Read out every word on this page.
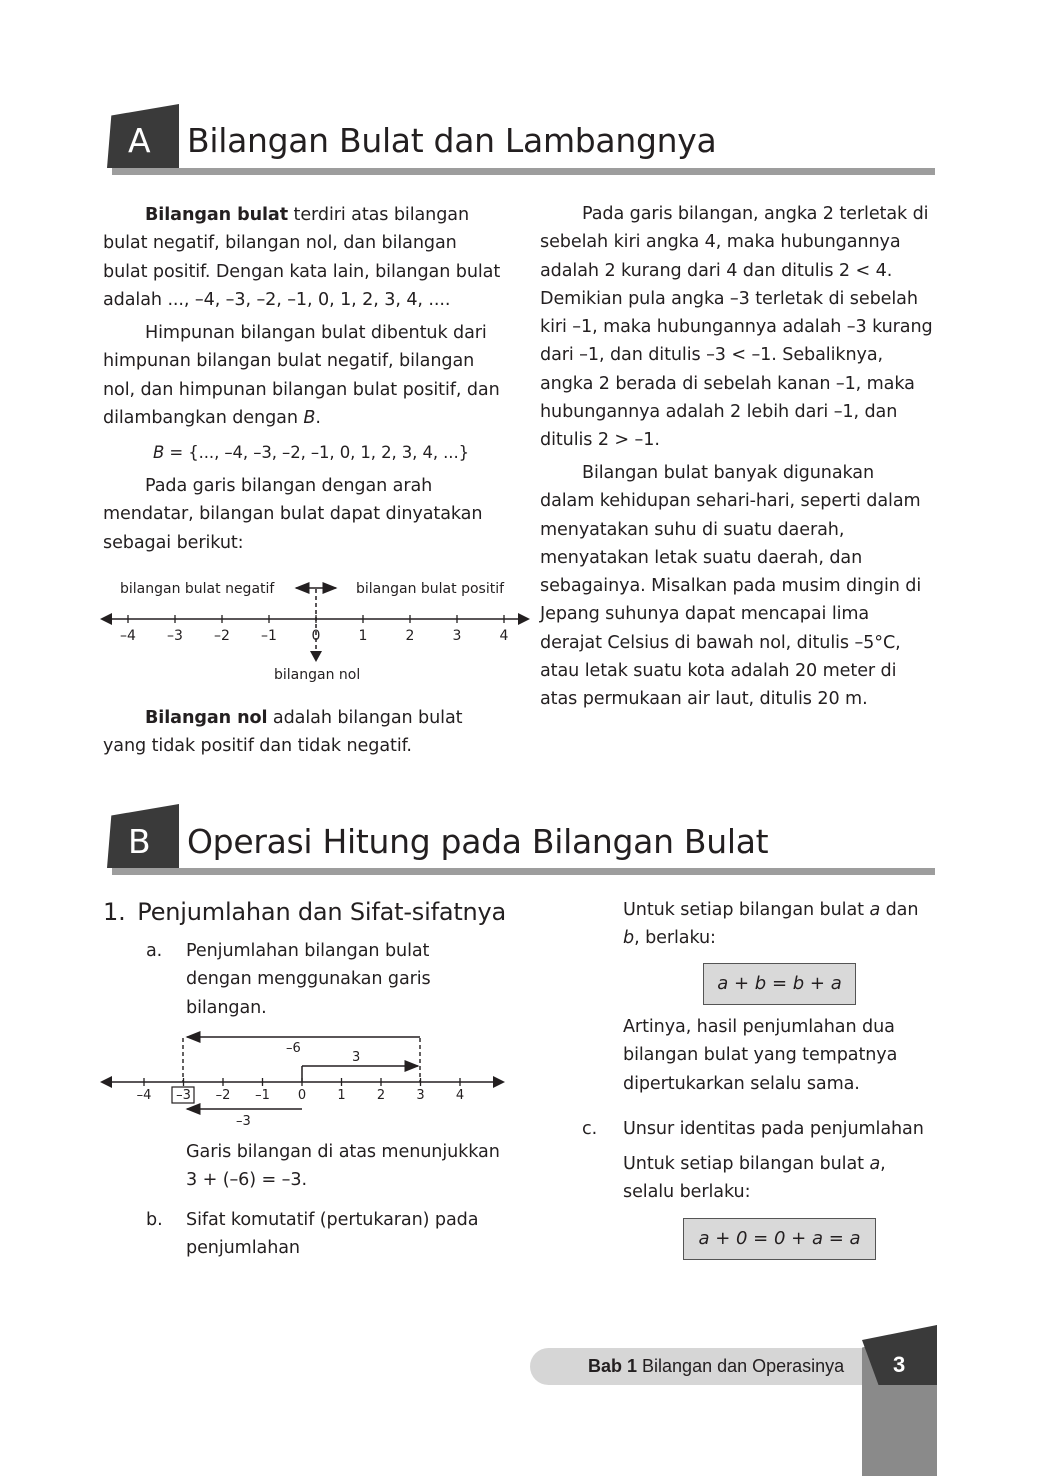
A Bilangan Bulat dan Lambangnya
Bilangan bulat terdiri atas bilangan bulat negatif, bilangan nol, dan bilangan bulat positif. Dengan kata lain, bilangan bulat adalah ..., –4, –3, –2, –1, 0, 1, 2, 3, 4, ....
Himpunan bilangan bulat dibentuk dari himpunan bilangan bulat negatif, bilangan nol, dan himpunan bilangan bulat positif, dan dilambangkan dengan B.
B = {..., –4, –3, –2, –1, 0, 1, 2, 3, 4, ...}
Pada garis bilangan dengan arah mendatar, bilangan bulat dapat dinyatakan sebagai berikut:
bilangan bulat negatif	bilangan bulat positif
–4 –3 –2 –1 0	1	2	3	4
bilangan nol
Bilangan nol adalah bilangan bulat yang tidak positif dan tidak negatif.
Pada garis bilangan, angka 2 terletak di sebelah kiri angka 4, maka hubungannya adalah 2 kurang dari 4 dan ditulis 2 < 4. Demikian pula angka –3 terletak di sebelah kiri –1, maka hubungannya adalah –3 kurang dari –1, dan ditulis –3 < –1. Sebaliknya, angka 2 berada di sebelah kanan –1, maka hubungannya adalah 2 lebih dari –1, dan ditulis 2 > –1.
Bilangan bulat banyak digunakan dalam kehidupan sehari-hari, seperti dalam menyatakan suhu di suatu daerah, menyatakan letak suatu daerah, dan sebagainya. Misalkan pada musim dingin di Jepang suhunya dapat mencapai lima derajat Celsius di bawah nol, ditulis –5°C, atau letak suatu kota adalah 20 meter di atas permukaan air laut, ditulis 20 m.
B Operasi Hitung pada Bilangan Bulat
1. Penjumlahan dan Sifat-sifatnya
a. Penjumlahan bilangan bulat dengan menggunakan garis bilangan.
–6
3
–4 –3 –2 –1 0 1 2 3 4
–3
Garis bilangan di atas menunjukkan 3 + (–6) = –3.
b. Sifat komutatif (pertukaran) pada penjumlahan
Untuk setiap bilangan bulat a dan b, berlaku:
a + b = b + a
Artinya, hasil penjumlahan dua bilangan bulat yang tempatnya dipertukarkan selalu sama.
c. Unsur identitas pada penjumlahan
Untuk setiap bilangan bulat a, selalu berlaku:
a + 0 = 0 + a = a
Bab 1 Bilangan dan Operasinya 3
